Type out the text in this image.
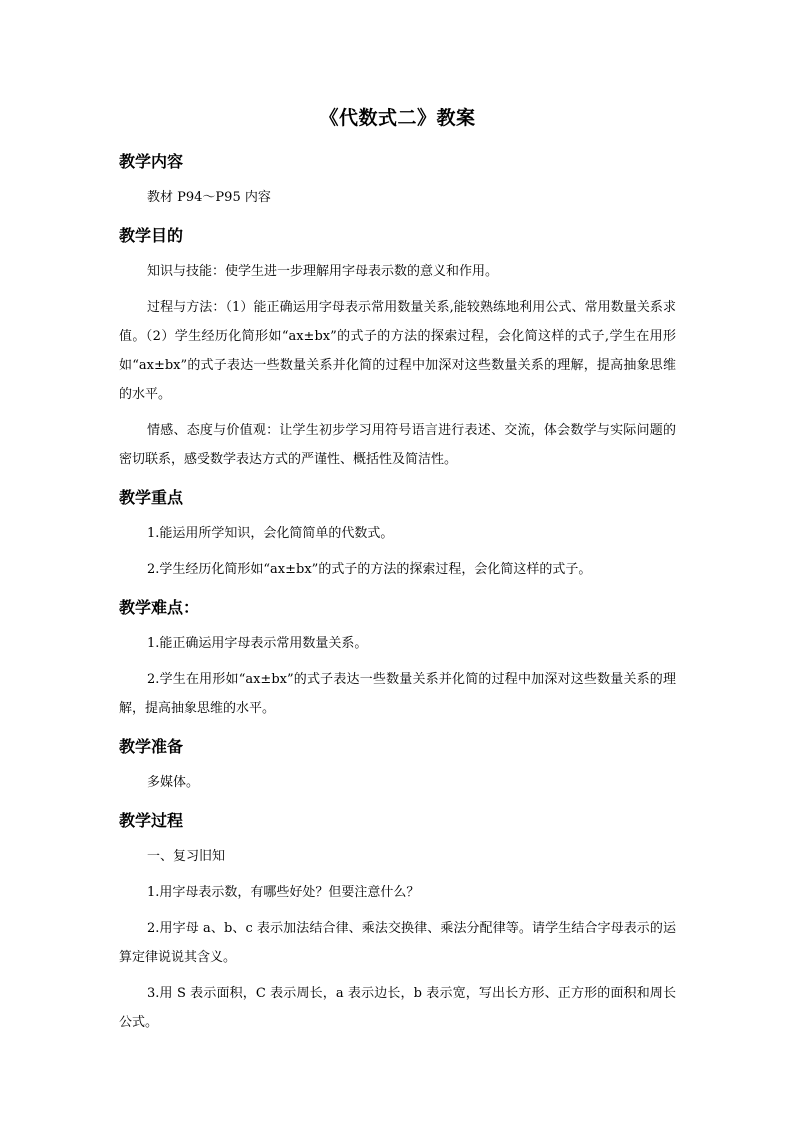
《代数式二》教案
教学内容
教材 P94～P95 内容
教学目的
知识与技能：使学生进一步理解用字母表示数的意义和作用。
过程与方法：（1）能正确运用字母表示常用数量关系,能较熟练地利用公式、常用数量关系求值。（2）学生经历化简形如“ax±bx”的式子的方法的探索过程，会化简这样的式子,学生在用形如“ax±bx”的式子表达一些数量关系并化简的过程中加深对这些数量关系的理解，提高抽象思维的水平。
情感、态度与价值观：让学生初步学习用符号语言进行表述、交流，体会数学与实际问题的密切联系，感受数学表达方式的严谨性、概括性及简洁性。
教学重点
1.能运用所学知识，会化简简单的代数式。
2.学生经历化简形如“ax±bx”的式子的方法的探索过程，会化简这样的式子。
教学难点：
1.能正确运用字母表示常用数量关系。
2.学生在用形如“ax±bx”的式子表达一些数量关系并化简的过程中加深对这些数量关系的理解，提高抽象思维的水平。
教学准备
多媒体。
教学过程
一、复习旧知
1.用字母表示数，有哪些好处？但要注意什么？
2.用字母 a、b、c 表示加法结合律、乘法交换律、乘法分配律等。请学生结合字母表示的运算定律说说其含义。
3.用 S 表示面积，C 表示周长，a 表示边长，b 表示宽，写出长方形、正方形的面积和周长公式。
